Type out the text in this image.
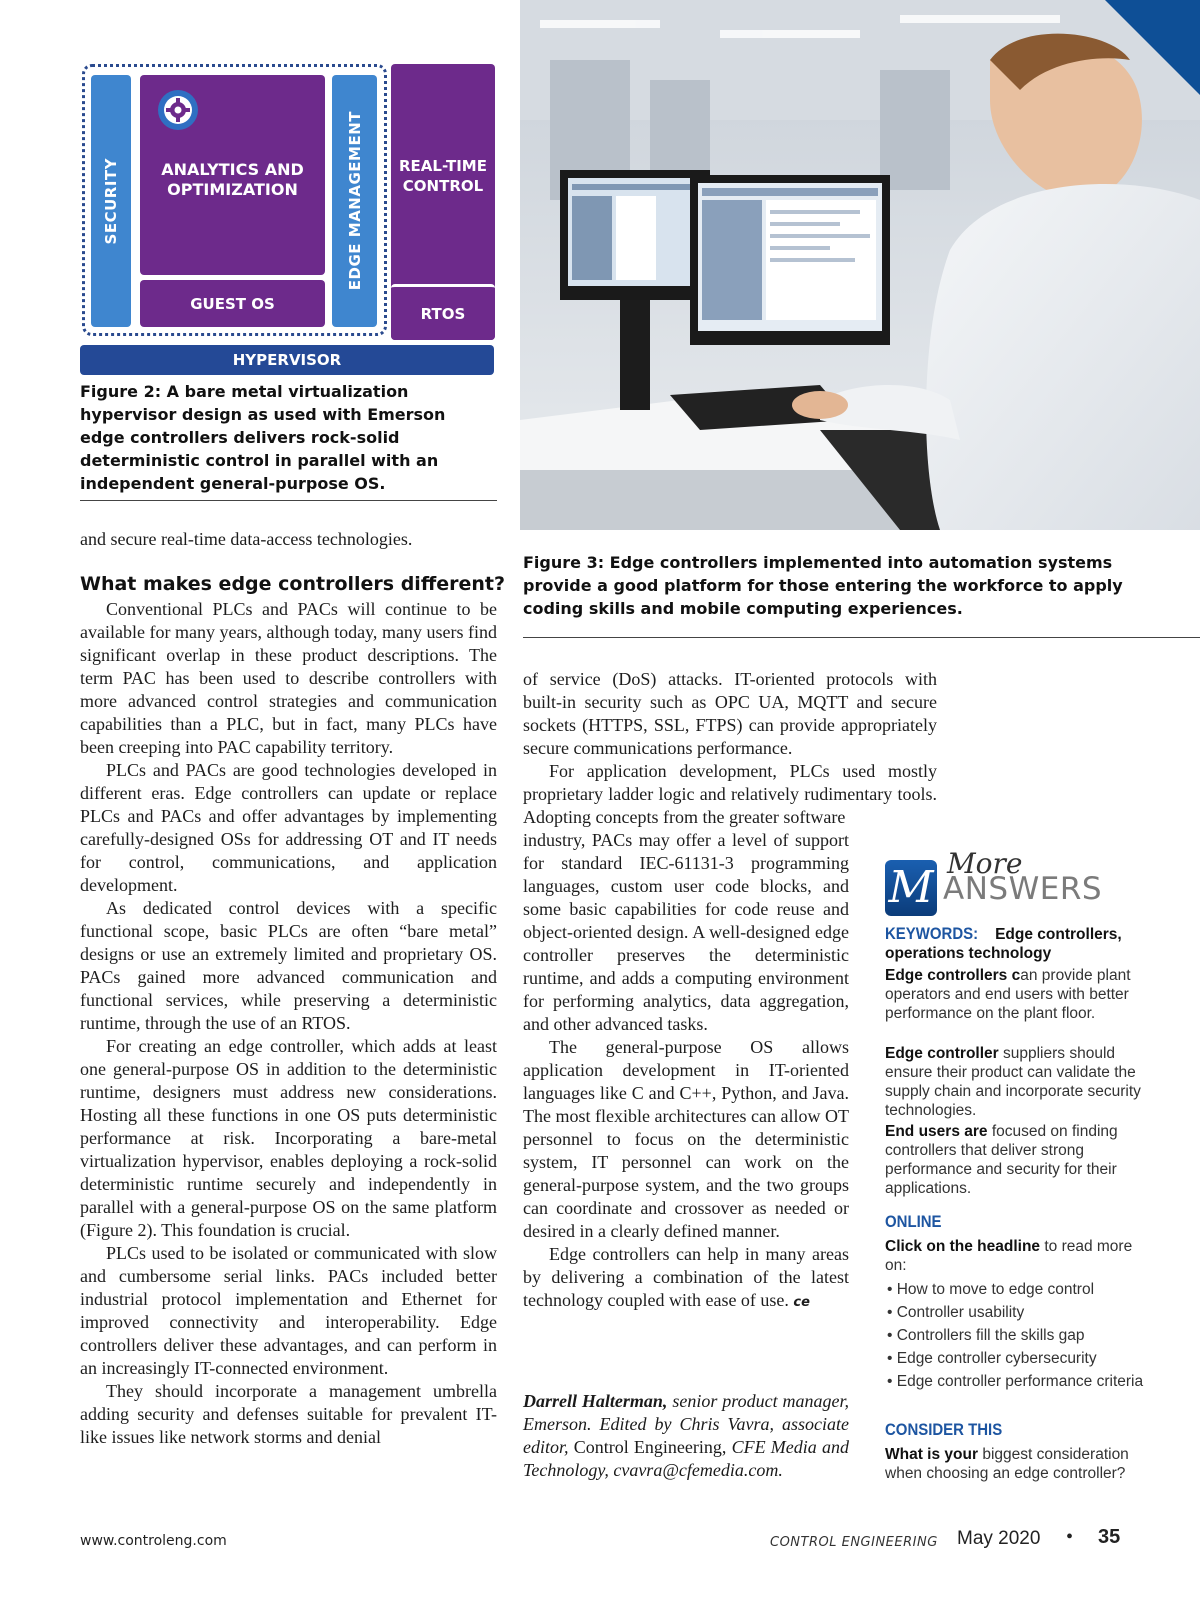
SECURITY	ANALYTICS AND OPTIMIZATION
GUEST OS
EDGE MANAGEMENT REAL-TIME CONTROL
RTOS
HYPERVISOR
Figure 2: A bare metal virtualization hypervisor design as used with Emerson edge controllers delivers rock-solid deterministic control in parallel with an independent general-purpose OS.
Figure 3: Edge controllers implemented into automation systems provide a good platform for those entering the workforce to apply coding skills and mobile computing experiences.
and secure real-time data-access technologies.
What makes edge controllers different?

Conventional PLCs and PACs will continue to be available for many years, although today, many users find significant overlap in these product descriptions. The term PAC has been used to describe controllers with more advanced control strategies and communication capabilities than a PLC, but in fact, many PLCs have been creeping into PAC capability territory.

PLCs and PACs are good technologies developed in different eras. Edge controllers can update or replace PLCs and PACs and offer advantages by implementing carefully-designed OSs for addressing OT and IT needs for control, communications, and application development.

As dedicated control devices with a specific functional scope, basic PLCs are often “bare metal” designs or use an extremely limited and proprietary OS. PACs gained more advanced communication and functional services, while preserving a deterministic runtime, through the use of an RTOS.

For creating an edge controller, which adds at least one general-purpose OS in addition to the deterministic runtime, designers must address new considerations. Hosting all these functions in one OS puts deterministic performance at risk. Incorporating a bare-metal virtualization hypervisor, enables deploying a rock-solid deterministic runtime securely and independently in parallel with a general-purpose OS on the same platform (Figure 2). This foundation is crucial.

PLCs used to be isolated or communicated with slow and cumbersome serial links. PACs included better industrial protocol implementation and Ethernet for improved connectivity and interoperability. Edge controllers deliver these advantages, and can perform in an increasingly IT-connected environment.

They should incorporate a management umbrella adding security and defenses suitable for prevalent IT-like issues like network storms and denial

of service (DoS) attacks. IT-oriented protocols with built-in security such as OPC UA, MQTT and secure sockets (HTTPS, SSL, FTPS) can provide appropriately secure communications performance.

For application development, PLCs used mostly proprietary ladder logic and relatively rudimentary tools. Adopting concepts from the greater software

industry, PACs may offer a level of support for standard IEC-61131-3 programming languages, custom user code blocks, and some basic capabilities for code reuse and object-oriented design. A well-designed edge controller preserves the deterministic runtime, and adds a computing environment for performing analytics, data aggregation, and other advanced tasks.

The general-purpose OS allows application development in IT-oriented languages like C and C++, Python, and Java. The most flexible architectures can allow OT personnel to focus on the deterministic system, IT personnel can work on the general-purpose system, and the two groups can coordinate and crossover as needed or desired in a clearly defined manner.

Edge controllers can help in many areas by delivering a combination of the latest technology coupled with ease of use. ce

Darrell Halterman, senior product manager, Emerson. Edited by Chris Vavra, associate editor, Control Engineering, CFE Media and Technology, cvavra@cfemedia.com.
M More
ANSWERS
KEYWORDS: Edge controllers, operations technology
Edge controllers can provide plant operators and end users with better performance on the plant floor.
Edge controller suppliers should ensure their product can validate the supply chain and incorporate security technologies.
End users are focused on finding controllers that deliver strong performance and security for their applications.
ONLINE
Click on the headline to read more on:
• How to move to edge control
• Controller usability
• Controllers fill the skills gap
• Edge controller cybersecurity
• Edge controller performance criteria
CONSIDER THIS
What is your biggest consideration when choosing an edge controller?
www.controleng.com	CONTROL ENGINEERING May 2020 • 35
